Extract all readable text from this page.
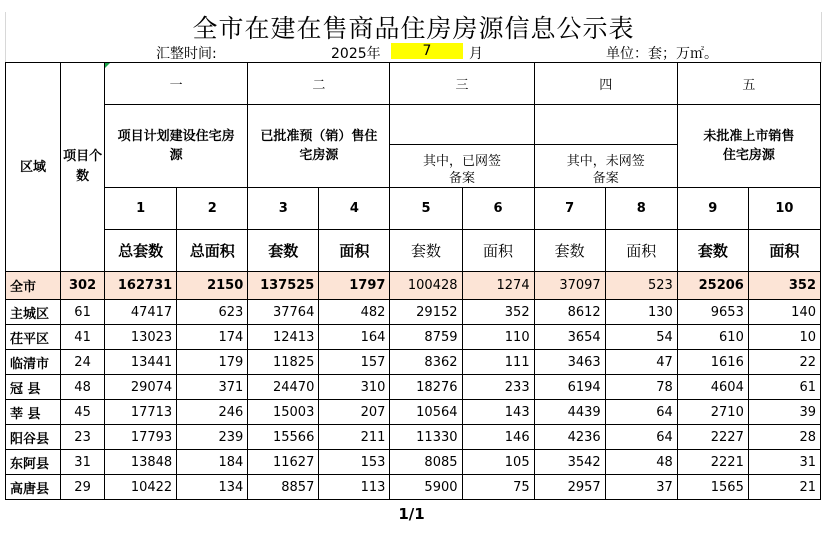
全市在建在售商品住房房源信息公示表
汇整时间:	2025年	7	月	单位：套；万㎡。
区域	项目个数	一		二		三		四		五	
		项目计划建设住宅房源		已批准预（销）售住宅房源						未批准上市销售住宅房源	
						其中，已网签备案		其中，未网签备案			
		1	2	3	4	5	6	7	8	9	10
		总套数	总面积	套数	面积	套数	面积	套数	面积	套数	面积
全市	302	162731	2150	137525	1797	100428	1274	37097	523	25206	352
主城区	61	47417	623	37764	482	29152	352	8612	130	9653	140
茌平区	41	13023	174	12413	164	8759	110	3654	54	610	10
临清市	24	13441	179	11825	157	8362	111	3463	47	1616	22
冠 县	48	29074	371	24470	310	18276	233	6194	78	4604	61
莘 县	45	17713	246	15003	207	10564	143	4439	64	2710	39
阳谷县	23	17793	239	15566	211	11330	146	4236	64	2227	28
东阿县	31	13848	184	11627	153	8085	105	3542	48	2221	31
高唐县	29	10422	134	8857	113	5900	75	2957	37	1565	21
1/1
